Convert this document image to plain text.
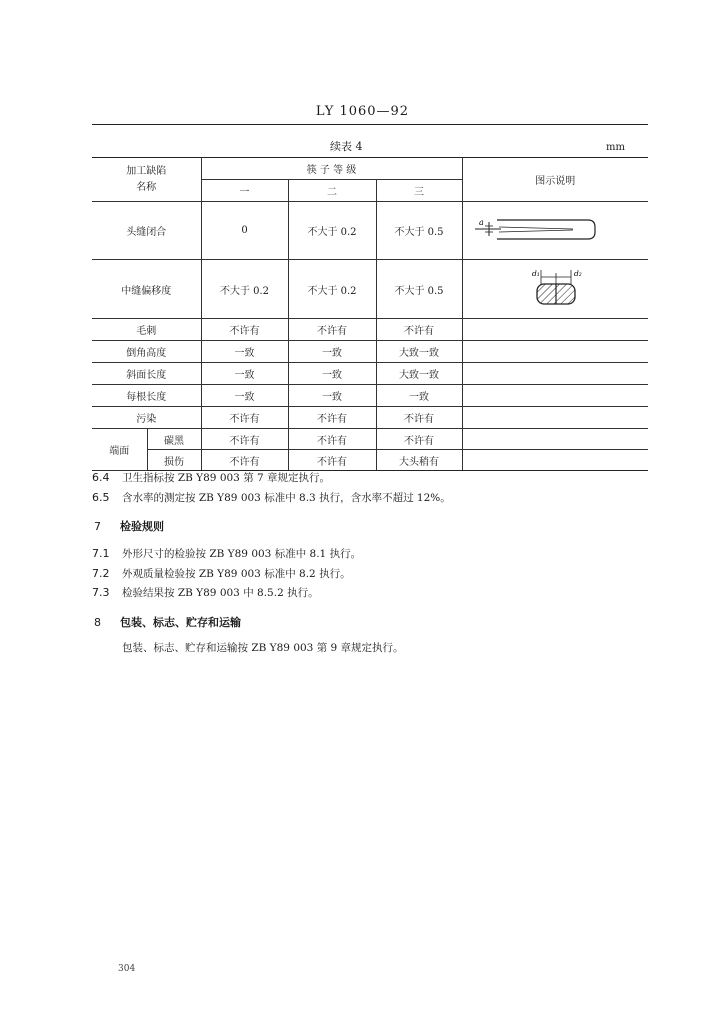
LY 1060—92
续表 4	mm
加工缺陷
名称		筷 子 等 级			图示说明
		一	二	三	
头缝闭合		0	不大于 0.2	不大于 0.5	a

中缝偏移度		不大于 0.2	不大于 0.2	不大于 0.5	d₁ d₂

毛刺		不许有	不许有	不许有	
倒角高度		一致	一致	大致一致	
斜面长度		一致	一致	大致一致	
每根长度		一致	一致	一致	
污染		不许有	不许有	不许有	
端面	碳黑	不许有	不许有	不许有	
	损伤	不许有	不许有	大头稍有	
6.4 卫生指标按 ZB Y89 003 第 7 章规定执行。
6.5 含水率的测定按 ZB Y89 003 标准中 8.3 执行，含水率不超过 12%。
7 检验规则
7.1 外形尺寸的检验按 ZB Y89 003 标准中 8.1 执行。
7.2 外观质量检验按 ZB Y89 003 标准中 8.2 执行。
7.3 检验结果按 ZB Y89 003 中 8.5.2 执行。
8 包装、标志、贮存和运输
包装、标志、贮存和运输按 ZB Y89 003 第 9 章规定执行。
304
